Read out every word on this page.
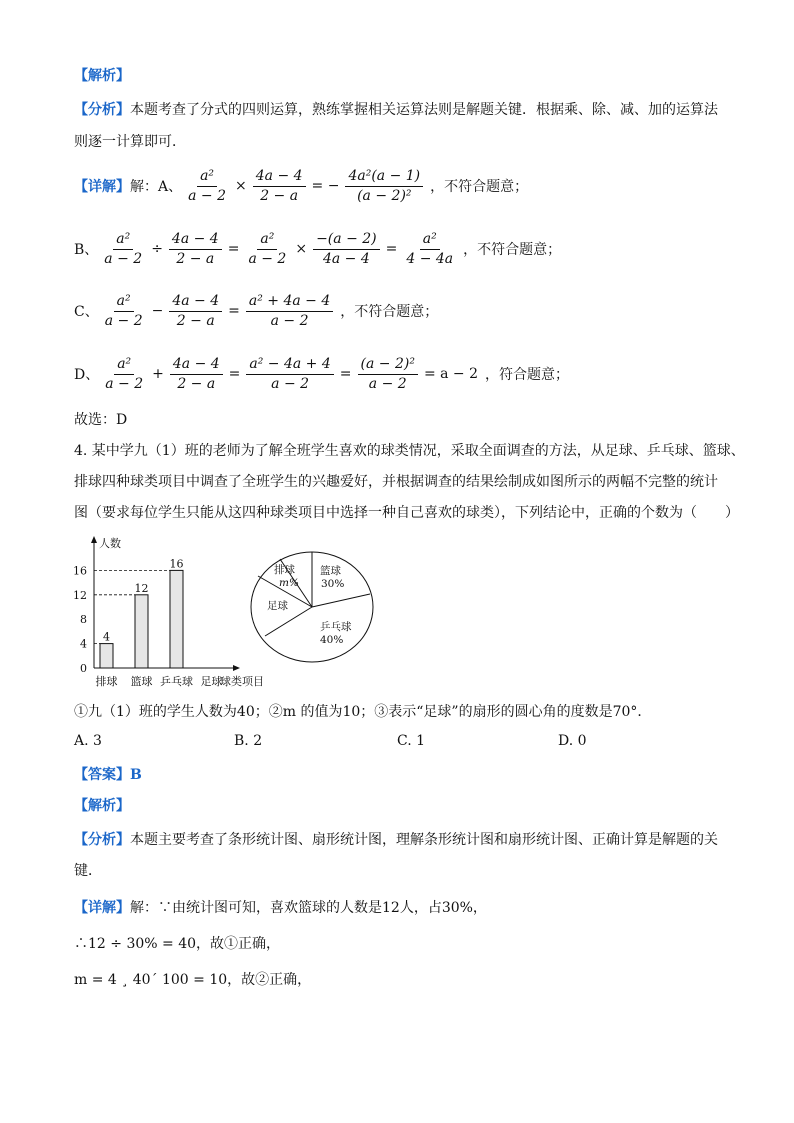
【解析】
【分析】本题考查了分式的四则运算，熟练掌握相关运算法则是解题关键．根据乘、除、减、加的运算法
则逐一计算即可．
【详解】 解：A、 $\frac{\text{a²}}{a - 2} \times \frac{4a - 4}{2 - a}$ = − $\frac{\text{4a²(a − 1)}}{\text{(a − 2)²}}$ ，不符合题意；
B、 $\frac{\text{a²}}{a - 2} \div \frac{4a - 4}{2 - a} = \frac{\text{a²}}{a - 2} \times \frac{-(a - 2)}{4a - 4} = \frac{\text{a²}}{4 - 4a}$ ，不符合题意；
C、 $\frac{\text{a²}}{a - 2} - \frac{4a - 4}{2 - a} = \frac{\text{a² + 4a − 4}}{a - 2}$ ，不符合题意；
D、 $\frac{\text{a²}}{a - 2} + \frac{4a - 4}{2 - a} = \frac{\text{a² − 4a + 4}}{a - 2} = \frac{\text{(a − 2)²}}{a - 2} = a - 2$ ，符合题意；
故选：D
4. 某中学九（1）班的老师为了解全班学生喜欢的球类情况，采取全面调查的方法，从足球、乒乓球、篮球、
排球四种球类项目中调查了全班学生的兴趣爱好，并根据调查的结果绘制成如图所示的两幅不完整的统计
图（要求每位学生只能从这四种球类项目中选择一种自己喜欢的球类），下列结论中，正确的个数为（　　）
人数
球类项目
0
4
8
12
16
4
排球
12
篮球
16
乒乓球 足球
排球
m%
篮球
30%
足球
乒乓球
40%
①九（1）班的学生人数为40；②m 的值为10；③表示“足球”的扇形的圆心角的度数是70°．
A. 3	B. 2	C. 1	D. 0
【答案】B
【解析】
【分析】本题主要考查了条形统计图、扇形统计图，理解条形统计图和扇形统计图、正确计算是解题的关
键．
【详解】解：∵由统计图可知，喜欢篮球的人数是12人，占30%，
∴12 ÷ 30% = 40，故①正确，
m = 4 ¸ 40´ 100 = 10，故②正确，
